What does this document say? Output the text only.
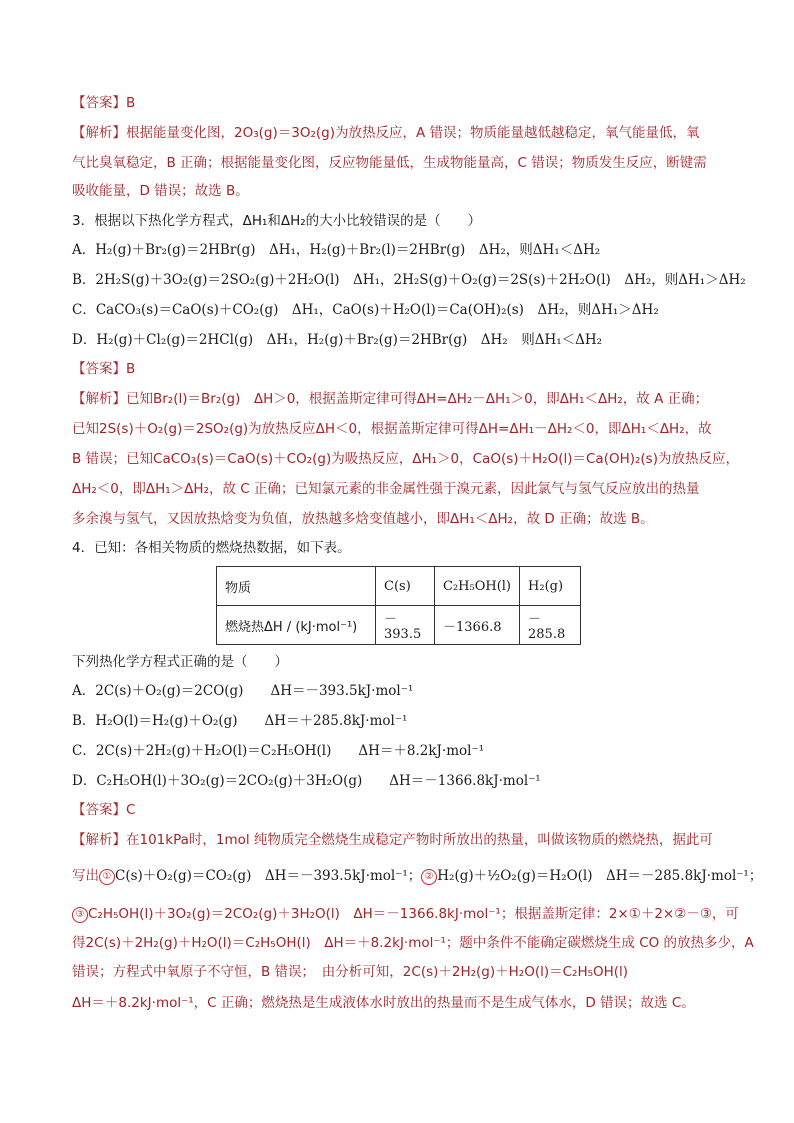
【答案】B
【解析】根据能量变化图，2O₃(g)＝3O₂(g)为放热反应，A 错误；物质能量越低越稳定，氧气能量低，氧
气比臭氧稳定，B 正确；根据能量变化图，反应物能量低，生成物能量高，C 错误；物质发生反应，断键需
吸收能量，D 错误；故选 B。
3．根据以下热化学方程式，ΔH₁和ΔH₂的大小比较错误的是（　　）
A．H₂(g)＋Br₂(g)＝2HBr(g)　ΔH₁，H₂(g)＋Br₂(l)＝2HBr(g)　ΔH₂，则ΔH₁＜ΔH₂
B．2H₂S(g)＋3O₂(g)＝2SO₂(g)＋2H₂O(l)　ΔH₁，2H₂S(g)＋O₂(g)＝2S(s)＋2H₂O(l)　ΔH₂，则ΔH₁＞ΔH₂
C．CaCO₃(s)＝CaO(s)＋CO₂(g)　ΔH₁，CaO(s)＋H₂O(l)＝Ca(OH)₂(s)　ΔH₂，则ΔH₁＞ΔH₂
D．H₂(g)＋Cl₂(g)＝2HCl(g)　ΔH₁，H₂(g)＋Br₂(g)＝2HBr(g)　ΔH₂　则ΔH₁＜ΔH₂
【答案】B
【解析】已知Br₂(l)＝Br₂(g)　ΔH＞0，根据盖斯定律可得ΔH=ΔH₂－ΔH₁＞0，即ΔH₁＜ΔH₂，故 A 正确；
已知2S(s)＋O₂(g)＝2SO₂(g)为放热反应ΔH＜0，根据盖斯定律可得ΔH=ΔH₁－ΔH₂＜0，即ΔH₁＜ΔH₂，故
B 错误；已知CaCO₃(s)＝CaO(s)＋CO₂(g)为吸热反应，ΔH₁＞0，CaO(s)＋H₂O(l)＝Ca(OH)₂(s)为放热反应，
ΔH₂＜0，即ΔH₁＞ΔH₂，故 C 正确；已知氯元素的非金属性强于溴元素，因此氯气与氢气反应放出的热量
多余溴与氢气，又因放热焓变为负值，放热越多焓变值越小，即ΔH₁＜ΔH₂，故 D 正确；故选 B。
4．已知：各相关物质的燃烧热数据，如下表。
物质	C(s)	C₂H₅OH(l)	H₂(g)
燃烧热ΔH / (kJ·mol⁻¹)	－393.5	－1366.8	－285.8
下列热化学方程式正确的是（　　）
A．2C(s)＋O₂(g)＝2CO(g)　　ΔH＝－393.5kJ·mol⁻¹
B．H₂O(l)＝H₂(g)＋O₂(g)　　ΔH＝＋285.8kJ·mol⁻¹
C．2C(s)＋2H₂(g)＋H₂O(l)＝C₂H₅OH(l)　　ΔH＝＋8.2kJ·mol⁻¹
D．C₂H₅OH(l)＋3O₂(g)＝2CO₂(g)＋3H₂O(g)　　ΔH＝－1366.8kJ·mol⁻¹
【答案】C
【解析】在101kPa时，1mol 纯物质完全燃烧生成稳定产物时所放出的热量，叫做该物质的燃烧热，据此可
写出 ① C(s)＋O₂(g)＝CO₂(g)　ΔH＝－393.5kJ·mol⁻¹； ② H₂(g)＋½O₂(g)＝H₂O(l)　ΔH＝－285.8kJ·mol⁻¹；
③ C₂H₅OH(l)＋3O₂(g)＝2CO₂(g)＋3H₂O(l)　ΔH＝－1366.8kJ·mol⁻¹；根据盖斯定律：2×①＋2×②－③，可
得2C(s)＋2H₂(g)＋H₂O(l)＝C₂H₅OH(l)　ΔH＝＋8.2kJ·mol⁻¹；题中条件不能确定碳燃烧生成 CO 的放热多少，A
错误；方程式中氧原子不守恒，B 错误；　由分析可知，2C(s)＋2H₂(g)＋H₂O(l)＝C₂H₅OH(l)
ΔH＝＋8.2kJ·mol⁻¹，C 正确；燃烧热是生成液体水时放出的热量而不是生成气体水，D 错误；故选 C。
